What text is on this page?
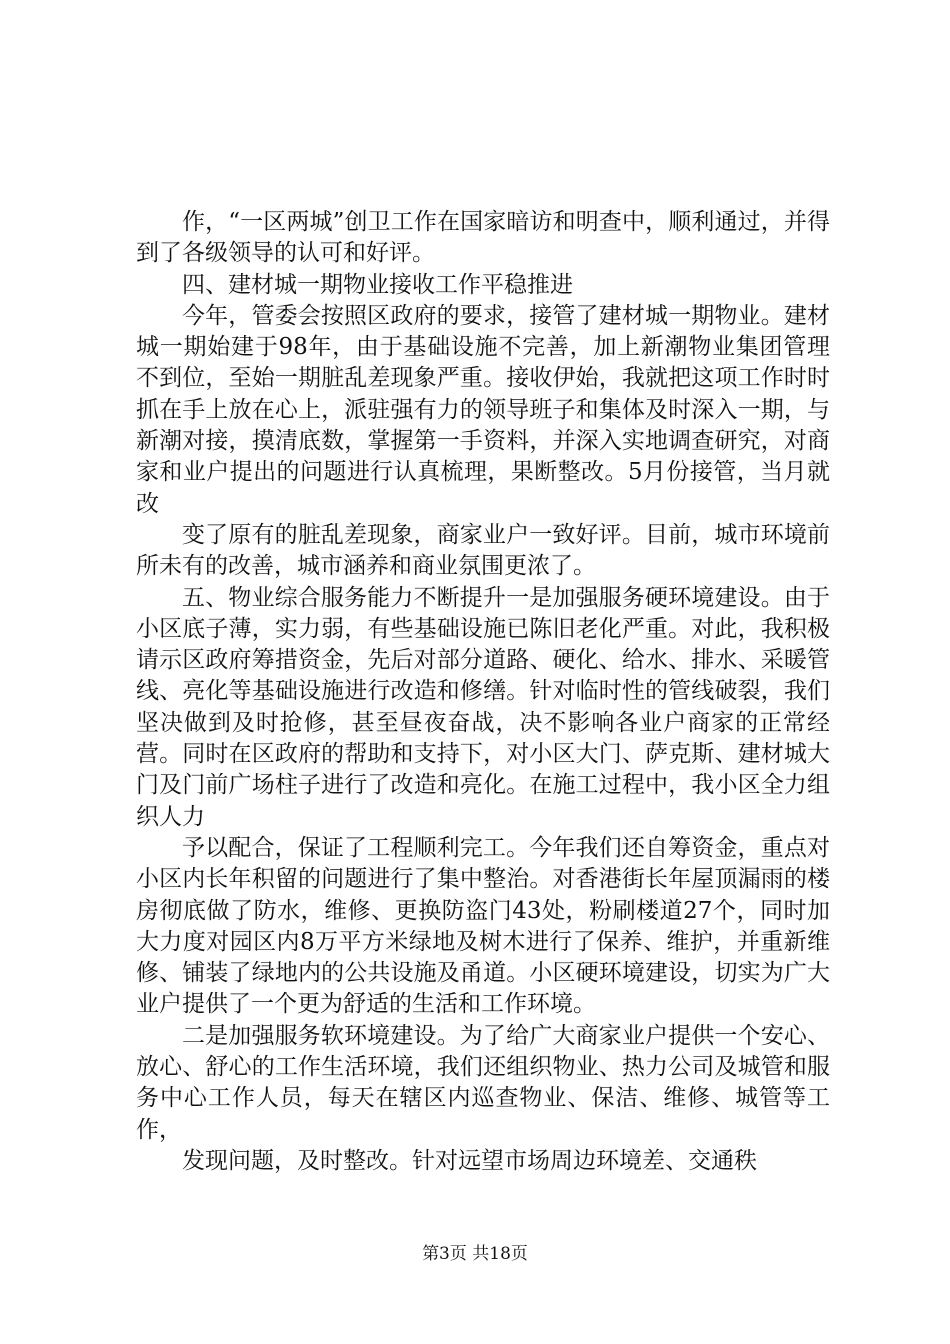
作，“一区两城”创卫工作在国家暗访和明查中，顺利通过，并得到了各级领导的认可和好评。

四、建材城一期物业接收工作平稳推进

今年，管委会按照区政府的要求，接管了建材城一期物业。建材城一期始建于98年，由于基础设施不完善，加上新潮物业集团管理不到位，至始一期脏乱差现象严重。接收伊始，我就把这项工作时时抓在手上放在心上，派驻强有力的领导班子和集体及时深入一期，与新潮对接，摸清底数，掌握第一手资料，并深入实地调查研究，对商家和业户提出的问题进行认真梳理，果断整改。5月份接管，当月就改

变了原有的脏乱差现象，商家业户一致好评。目前，城市环境前所未有的改善，城市涵养和商业氛围更浓了。

五、物业综合服务能力不断提升一是加强服务硬环境建设。由于小区底子薄，实力弱，有些基础设施已陈旧老化严重。对此，我积极请示区政府筹措资金，先后对部分道路、硬化、给水、排水、采暖管线、亮化等基础设施进行改造和修缮。针对临时性的管线破裂，我们坚决做到及时抢修，甚至昼夜奋战，决不影响各业户商家的正常经营。同时在区政府的帮助和支持下，对小区大门、萨克斯、建材城大门及门前广场柱子进行了改造和亮化。在施工过程中，我小区全力组织人力

予以配合，保证了工程顺利完工。今年我们还自筹资金，重点对小区内长年积留的问题进行了集中整治。对香港街长年屋顶漏雨的楼房彻底做了防水，维修、更换防盗门43处，粉刷楼道27个，同时加大力度对园区内8万平方米绿地及树木进行了保养、维护，并重新维修、铺装了绿地内的公共设施及甬道。小区硬环境建设，切实为广大业户提供了一个更为舒适的生活和工作环境。

二是加强服务软环境建设。为了给广大商家业户提供一个安心、放心、舒心的工作生活环境，我们还组织物业、热力公司及城管和服务中心工作人员，每天在辖区内巡查物业、保洁、维修、城管等工作，

发现问题，及时整改。针对远望市场周边环境差、交通秩

第3页 共18页
